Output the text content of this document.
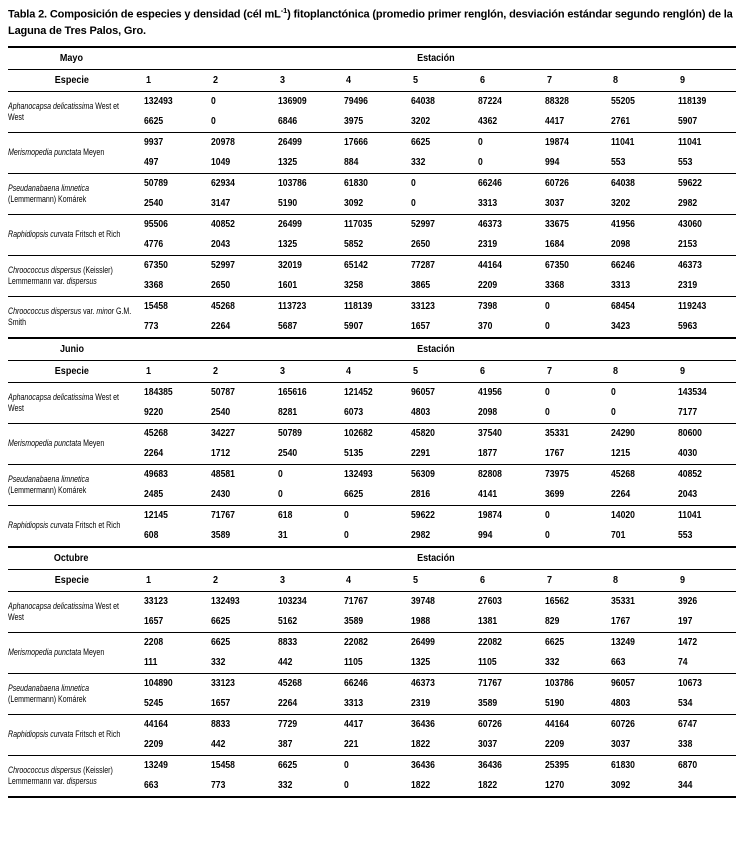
Tabla 2. Composición de especies y densidad (cél $mL^{-1}$) fitoplanctónica (promedio primer renglón, desviación estándar segundo renglón) de la Laguna de Tres Palos, Gro.

Mayo	Estación								
Especie	1	2	3	4	5	6	7	8	9
Aphanocapsa delicatissima West et West	132493	0	136909	79496	64038	87224	88328	55205	118139
	6625	0	6846	3975	3202	4362	4417	2761	5907
Merismopedia punctata Meyen	9937	20978	26499	17666	6625	0	19874	11041	11041
	497	1049	1325	884	332	0	994	553	553
Pseudanabaena limnetica (Lemmermann) Komárek	50789	62934	103786	61830	0	66246	60726	64038	59622
	2540	3147	5190	3092	0	3313	3037	3202	2982
Raphidiopsis curvata Fritsch et Rich	95506	40852	26499	117035	52997	46373	33675	41956	43060
	4776	2043	1325	5852	2650	2319	1684	2098	2153
Chroococcus dispersus (Keissler) Lemmermann var. dispersus	67350	52997	32019	65142	77287	44164	67350	66246	46373
	3368	2650	1601	3258	3865	2209	3368	3313	2319
Chroococcus dispersus var. minor G.M. Smith	15458	45268	113723	118139	33123	7398	0	68454	119243
	773	2264	5687	5907	1657	370	0	3423	5963
Junio	Estación								
Especie	1	2	3	4	5	6	7	8	9
Aphanocapsa delicatissima West et West	184385	50787	165616	121452	96057	41956	0	0	143534
	9220	2540	8281	6073	4803	2098	0	0	7177
Merismopedia punctata Meyen	45268	34227	50789	102682	45820	37540	35331	24290	80600
	2264	1712	2540	5135	2291	1877	1767	1215	4030
Pseudanabaena limnetica (Lemmermann) Komárek	49683	48581	0	132493	56309	82808	73975	45268	40852
	2485	2430	0	6625	2816	4141	3699	2264	2043
Raphidiopsis curvata Fritsch et Rich	12145	71767	618	0	59622	19874	0	14020	11041
	608	3589	31	0	2982	994	0	701	553
Octubre	Estación								
Especie	1	2	3	4	5	6	7	8	9
Aphanocapsa delicatissima West et West	33123	132493	103234	71767	39748	27603	16562	35331	3926
	1657	6625	5162	3589	1988	1381	829	1767	197
Merismopedia punctata Meyen	2208	6625	8833	22082	26499	22082	6625	13249	1472
	111	332	442	1105	1325	1105	332	663	74
Pseudanabaena limnetica (Lemmermann) Komárek	104890	33123	45268	66246	46373	71767	103786	96057	10673
	5245	1657	2264	3313	2319	3589	5190	4803	534
Raphidiopsis curvata Fritsch et Rich	44164	8833	7729	4417	36436	60726	44164	60726	6747
	2209	442	387	221	1822	3037	2209	3037	338
Chroococcus dispersus (Keissler) Lemmermann var. dispersus	13249	15458	6625	0	36436	36436	25395	61830	6870
	663	773	332	0	1822	1822	1270	3092	344
